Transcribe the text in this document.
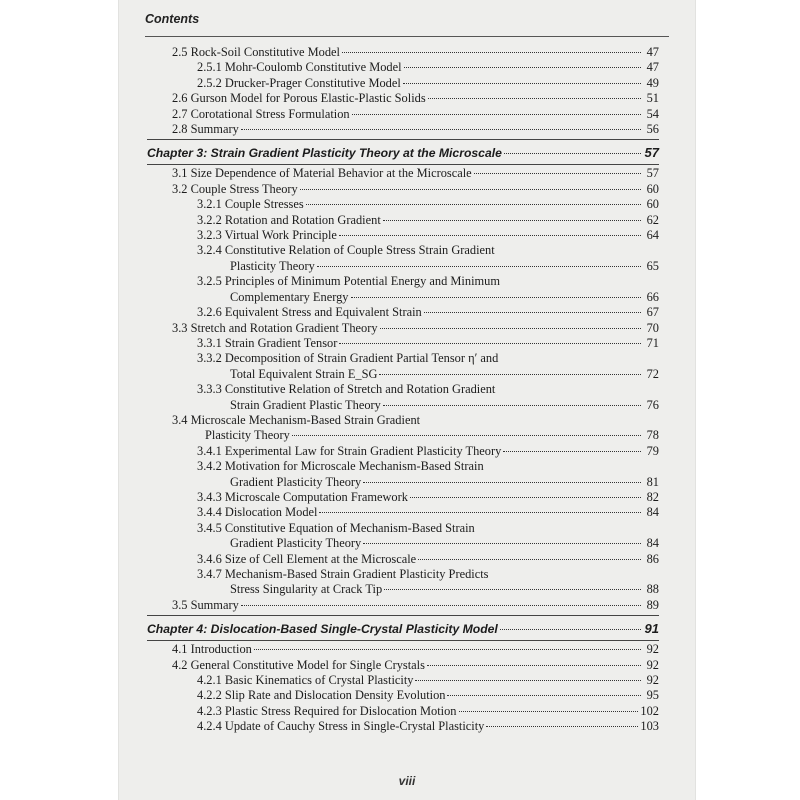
Contents
2.5 Rock-Soil Constitutive Model	47
2.5.1 Mohr-Coulomb Constitutive Model	47
2.5.2 Drucker-Prager Constitutive Model	49
2.6 Gurson Model for Porous Elastic-Plastic Solids	51
2.7 Corotational Stress Formulation	54
2.8 Summary	56
Chapter 3: Strain Gradient Plasticity Theory at the Microscale	57
3.1 Size Dependence of Material Behavior at the Microscale	57
3.2 Couple Stress Theory	60
3.2.1 Couple Stresses	60
3.2.2 Rotation and Rotation Gradient	62
3.2.3 Virtual Work Principle	64
3.2.4 Constitutive Relation of Couple Stress Strain Gradient
Plasticity Theory	65
3.2.5 Principles of Minimum Potential Energy and Minimum
Complementary Energy	66
3.2.6 Equivalent Stress and Equivalent Strain	67
3.3 Stretch and Rotation Gradient Theory	70
3.3.1 Strain Gradient Tensor	71
3.3.2 Decomposition of Strain Gradient Partial Tensor η′ and
Total Equivalent Strain E_SG	72
3.3.3 Constitutive Relation of Stretch and Rotation Gradient
Strain Gradient Plastic Theory	76
3.4 Microscale Mechanism-Based Strain Gradient
Plasticity Theory	78
3.4.1 Experimental Law for Strain Gradient Plasticity Theory	79
3.4.2 Motivation for Microscale Mechanism-Based Strain
Gradient Plasticity Theory	81
3.4.3 Microscale Computation Framework	82
3.4.4 Dislocation Model	84
3.4.5 Constitutive Equation of Mechanism-Based Strain
Gradient Plasticity Theory	84
3.4.6 Size of Cell Element at the Microscale	86
3.4.7 Mechanism-Based Strain Gradient Plasticity Predicts
Stress Singularity at Crack Tip	88
3.5 Summary	89
Chapter 4: Dislocation-Based Single-Crystal Plasticity Model	91
4.1 Introduction	92
4.2 General Constitutive Model for Single Crystals	92
4.2.1 Basic Kinematics of Crystal Plasticity	92
4.2.2 Slip Rate and Dislocation Density Evolution	95
4.2.3 Plastic Stress Required for Dislocation Motion	102
4.2.4 Update of Cauchy Stress in Single-Crystal Plasticity	103
viii
